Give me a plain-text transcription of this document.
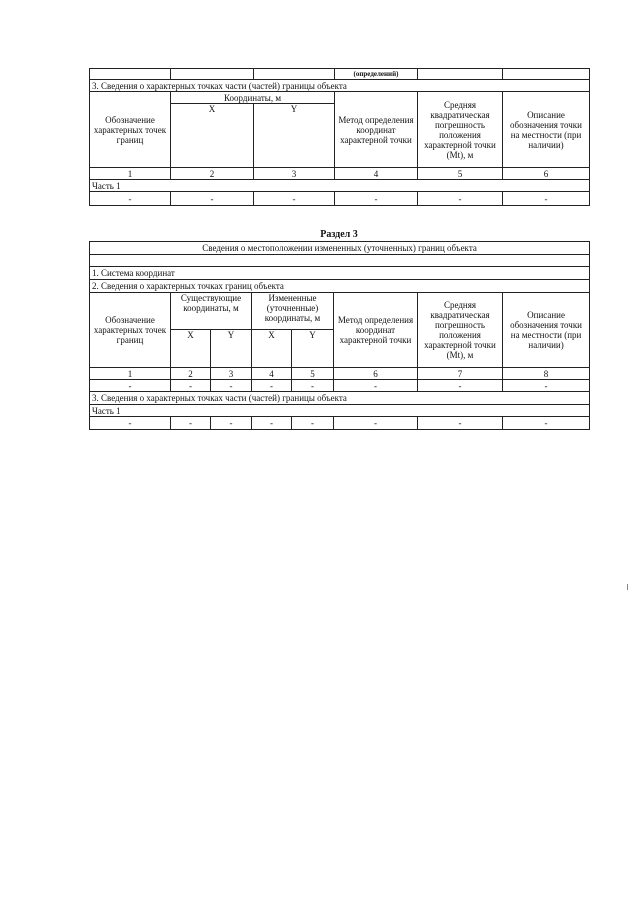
			(определений)		
3. Сведения о характерных точках части (частей) границы объекта					
Обозначение характерных точек границ	Координаты, м		Метод определения координат характерной точки	Средняя квадратическая погрешность положения характерной точки (Mt), м	Описание обозначения точки на местности (при наличии)
	X	Y			
1	2	3	4	5	6
Часть 1					
-	-	-	-	-	-
Раздел 3
Сведения о местоположении измененных (уточненных) границ объекта							

1. Система координат							
2. Сведения о характерных точках границ объекта							
Обозначение характерных точек границ	Существующие координаты, м		Измененные (уточненные) координаты, м		Метод определения координат характерной точки	Средняя квадратическая погрешность положения характерной точки (Mt), м	Описание обозначения точки на местности (при наличии)
	X	Y	X	Y			
1	2	3	4	5	6	7	8
-	-	-	-	-	-	-	-
3. Сведения о характерных точках части (частей) границы объекта							
Часть 1							
-	-	-	-	-	-	-	-
